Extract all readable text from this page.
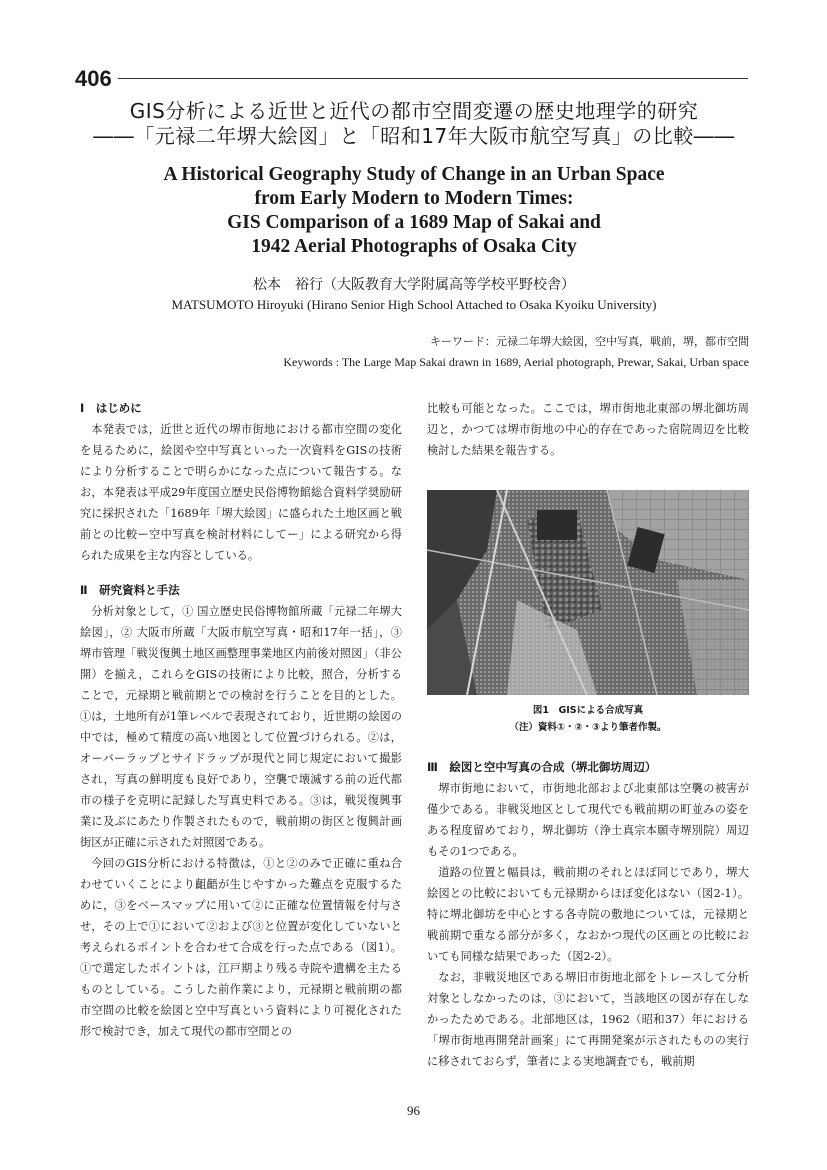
406
GIS分析による近世と近代の都市空間変遷の歴史地理学的研究
――「元禄二年堺大絵図」と「昭和17年大阪市航空写真」の比較――
A Historical Geography Study of Change in an Urban Space
from Early Modern to Modern Times:
GIS Comparison of a 1689 Map of Sakai and
1942 Aerial Photographs of Osaka City
松本　裕行（大阪教育大学附属高等学校平野校舎）
MATSUMOTO Hiroyuki (Hirano Senior High School Attached to Osaka Kyoiku University)
キーワード：元禄二年堺大絵図，空中写真，戦前，堺，都市空間
Keywords : The Large Map Sakai drawn in 1689, Aerial photograph, Prewar, Sakai, Urban space
Ⅰ　はじめに

本発表では，近世と近代の堺市街地における都市空間の変化を見るために，絵図や空中写真といった一次資料をGISの技術により分析することで明らかになった点について報告する。なお，本発表は平成29年度国立歴史民俗博物館総合資料学奨励研究に採択された「1689年「堺大絵図」に盛られた土地区画と戦前との比較ー空中写真を検討材料にしてー」による研究から得られた成果を主な内容としている。

Ⅱ　研究資料と手法

分析対象として，① 国立歴史民俗博物館所蔵「元禄二年堺大絵図」，② 大阪市所蔵「大阪市航空写真・昭和17年一括」，③ 堺市管理「戦災復興土地区画整理事業地区内前後対照図」（非公開）を揃え，これらをGISの技術により比較，照合，分析することで，元禄期と戦前期とでの検討を行うことを目的とした。①は，土地所有が1筆レベルで表現されており，近世期の絵図の中では，極めて精度の高い地図として位置づけられる。②は，オーバーラップとサイドラップが現代と同じ規定において撮影され，写真の鮮明度も良好であり，空襲で壊滅する前の近代都市の様子を克明に記録した写真史料である。③は，戦災復興事業に及ぶにあたり作製されたもので，戦前期の街区と復興計画街区が正確に示された対照図である。

今回のGIS分析における特徴は，①と②のみで正確に重ね合わせていくことにより齟齬が生じやすかった難点を克服するために，③をベースマップに用いて②に正確な位置情報を付与させ，その上で①において②および③と位置が変化していないと考えられるポイントを合わせて合成を行った点である（図1）。①で選定したポイントは，江戸期より残る寺院や遺構を主たるものとしている。こうした前作業により，元禄期と戦前期の都市空間の比較を絵図と空中写真という資料により可視化された形で検討でき，加えて現代の都市空間との

比較も可能となった。ここでは，堺市街地北東部の堺北御坊周辺と，かつては堺市街地の中心的存在であった宿院周辺を比較検討した結果を報告する。

図1　GISによる合成写真
（注）資料①・②・③より筆者作製。
Ⅲ　絵図と空中写真の合成（堺北御坊周辺）

堺市街地において，市街地北部および北東部は空襲の被害が僅少である。非戦災地区として現代でも戦前期の町並みの姿をある程度留めており，堺北御坊（浄土真宗本願寺堺別院）周辺もその1つである。

道路の位置と幅員は，戦前期のそれとほぼ同じであり，堺大絵図との比較においても元禄期からほぼ変化はない（図2-1）。特に堺北御坊を中心とする各寺院の敷地については，元禄期と戦前期で重なる部分が多く，なおかつ現代の区画との比較においても同様な結果であった（図2-2）。

なお，非戦災地区である堺旧市街地北部をトレースして分析対象としなかったのは，③において，当該地区の図が存在しなかったためである。北部地区は，1962（昭和37）年における「堺市街地再開発計画案」にて再開発案が示されたものの実行に移されておらず，筆者による実地調査でも，戦前期

96
